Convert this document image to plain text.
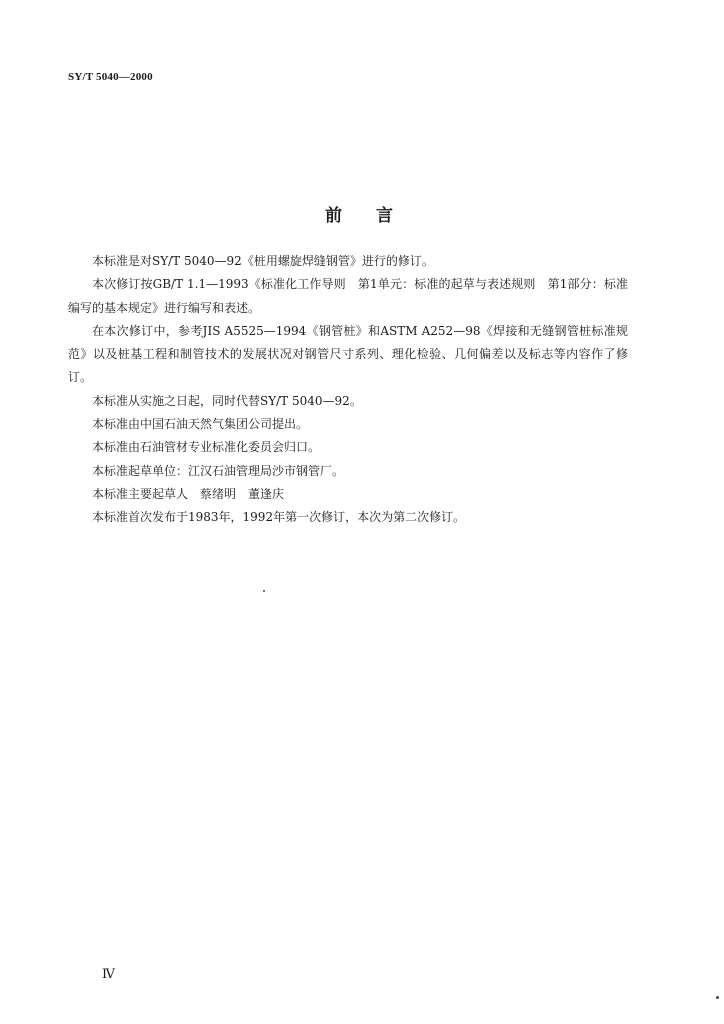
SY/T 5040—2000
前言

本标准是对SY/T 5040—92《桩用螺旋焊缝钢管》进行的修订。

本次修订按GB/T 1.1—1993《标准化工作导则　第1单元：标准的起草与表述规则　第1部分：标准编写的基本规定》进行编写和表述。

在本次修订中，参考JIS A5525—1994《钢管桩》和ASTM A252—98《焊接和无缝钢管桩标准规范》以及桩基工程和制管技术的发展状况对钢管尺寸系列、理化检验、几何偏差以及标志等内容作了修订。

本标准从实施之日起，同时代替SY/T 5040—92。

本标准由中国石油天然气集团公司提出。

本标准由石油管材专业标准化委员会归口。

本标准起草单位：江汉石油管理局沙市钢管厂。

本标准主要起草人　蔡绪明　董逢庆

本标准首次发布于1983年，1992年第一次修订，本次为第二次修订。

Ⅳ
